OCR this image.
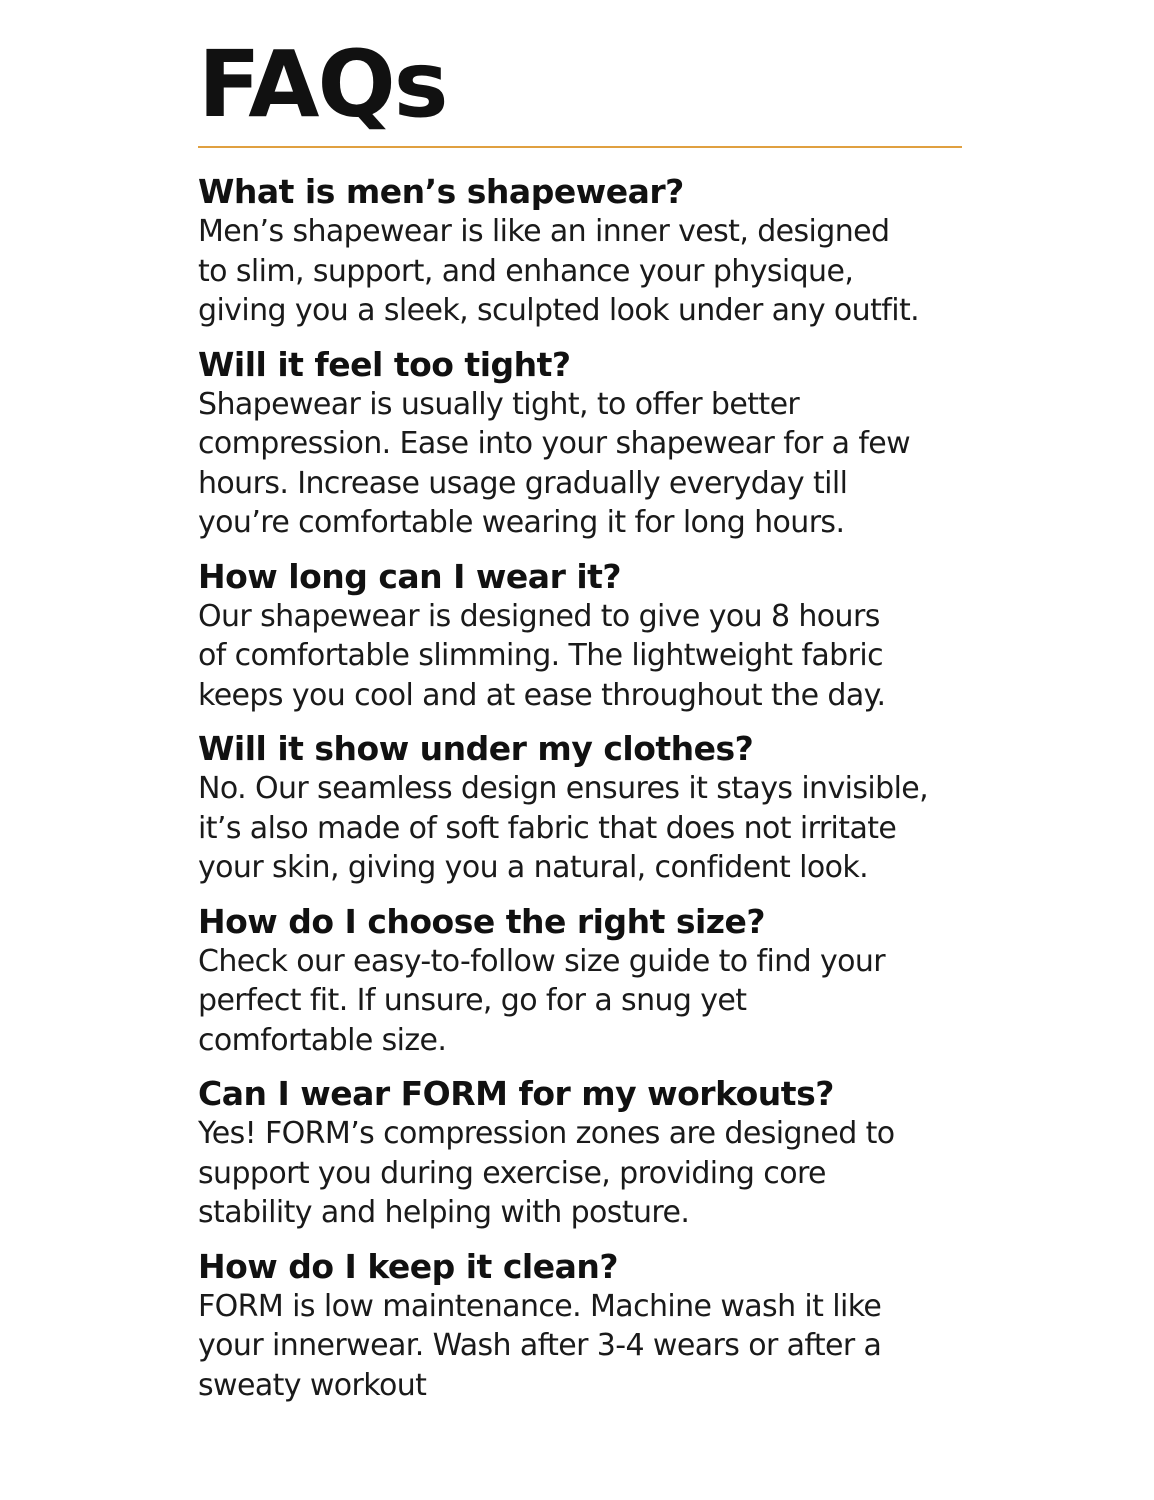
FAQs
What is men’s shapewear?

Men’s shapewear is like an inner vest, designed
to slim, support, and enhance your physique,
giving you a sleek, sculpted look under any outfit.

Will it feel too tight?

Shapewear is usually tight, to offer better
compression. Ease into your shapewear for a few
hours. Increase usage gradually everyday till
you’re comfortable wearing it for long hours.

How long can I wear it?

Our shapewear is designed to give you 8 hours
of comfortable slimming. The lightweight fabric
keeps you cool and at ease throughout the day.

Will it show under my clothes?

No. Our seamless design ensures it stays invisible,
it’s also made of soft fabric that does not irritate
your skin, giving you a natural, confident look.

How do I choose the right size?

Check our easy-to-follow size guide to find your
perfect fit. If unsure, go for a snug yet
comfortable size.

Can I wear FORM for my workouts?

Yes! FORM’s compression zones are designed to
support you during exercise, providing core
stability and helping with posture.

How do I keep it clean?

FORM is low maintenance. Machine wash it like
your innerwear. Wash after 3-4 wears or after a
sweaty workout
